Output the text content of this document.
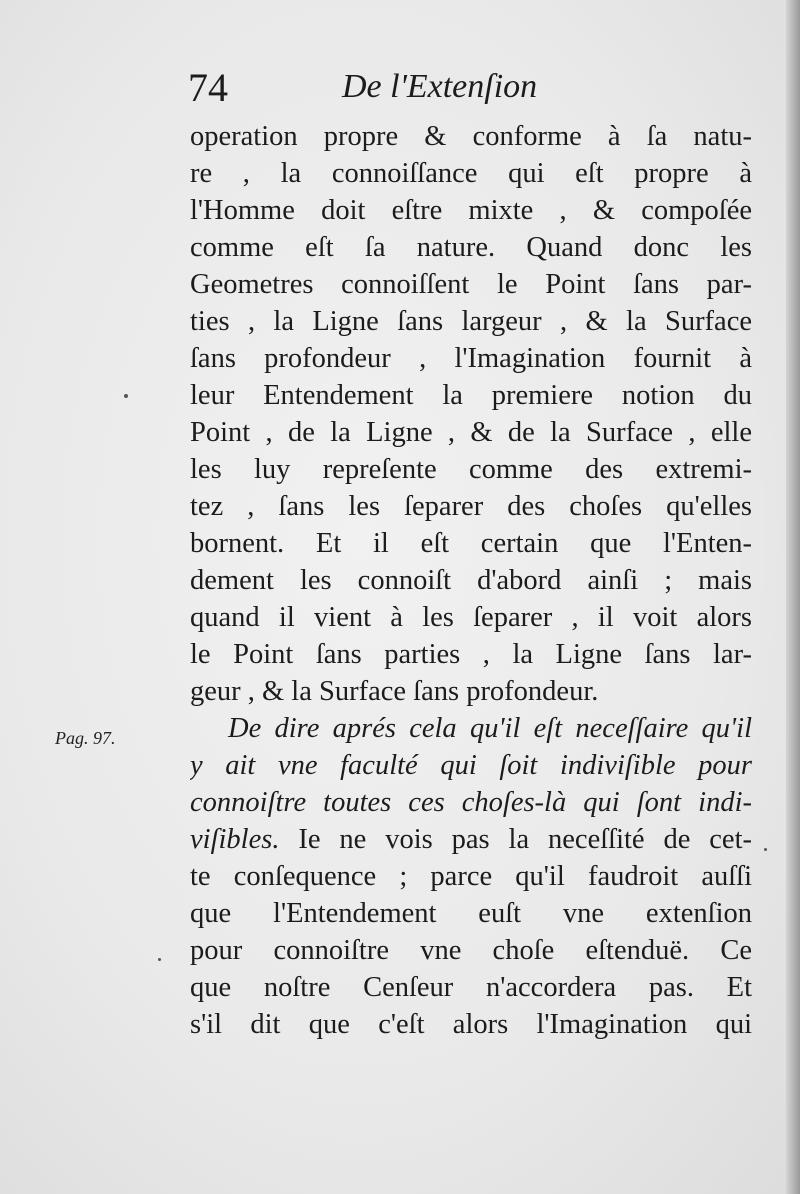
74	De l'Extenſion
Pag. 97.
operation propre & conforme à ſa natu-
re , la connoiſſance qui eſt propre à
l'Homme doit eſtre mixte , & compoſée
comme eſt ſa nature. Quand donc les
Geometres connoiſſent le Point ſans par-
ties , la Ligne ſans largeur , & la Surface
ſans profondeur , l'Imagination fournit à
leur Entendement la premiere notion du
Point , de la Ligne , & de la Surface , elle
les luy repreſente comme des extremi-
tez , ſans les ſeparer des choſes qu'elles
bornent. Et il eſt certain que l'Enten-
dement les connoiſt d'abord ainſi ; mais
quand il vient à les ſeparer , il voit alors
le Point ſans parties , la Ligne ſans lar-
geur , & la Surface ſans profondeur.
De dire aprés cela qu'il eſt neceſſaire qu'il
y ait vne faculté qui ſoit indiviſible pour
connoiſtre toutes ces choſes-là qui ſont indi-
viſibles. Ie ne vois pas la neceſſité de cet-
te conſequence ; parce qu'il faudroit auſſi
que l'Entendement euſt vne extenſion
pour connoiſtre vne choſe eſtenduë. Ce
que noſtre Cenſeur n'accordera pas. Et
s'il dit que c'eſt alors l'Imagination qui
